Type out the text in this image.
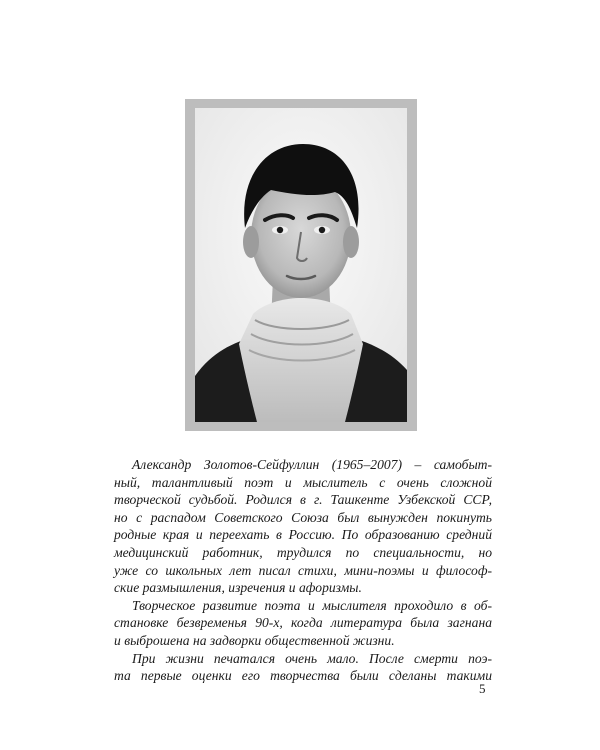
Александр Золотов-Сейфуллин (1965–2007) – самобыт-
ный, талантливый поэт и мыслитель с очень сложной
творческой судьбой. Родился в г. Ташкенте Узбекской ССР,
но с распадом Советского Союза был вынужден покинуть
родные края и переехать в Россию. По образованию средний
медицинский работник, трудился по специальности, но
уже со школьных лет писал стихи, мини-поэмы и философ-
ские размышления, изречения и афоризмы.
Творческое развитие поэта и мыслителя проходило в об-
становке безвременья 90-х, когда литература была загнана
и выброшена на задворки общественной жизни.
При жизни печатался очень мало. После смерти поэ-
та первые оценки его творчества были сделаны такими
5
